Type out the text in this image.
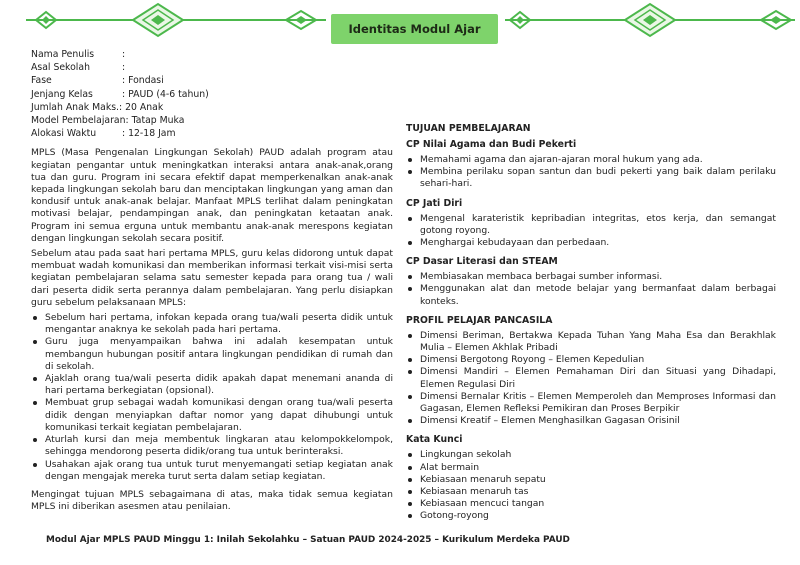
Identitas Modul Ajar
Nama Penulis	:
Asal Sekolah	:
Fase	: Fondasi
Jenjang Kelas	: PAUD (4-6 tahun)
Jumlah Anak Maks. : 20 Anak
Model Pembelajaran : Tatap Muka
Alokasi Waktu	: 12-18 Jam

MPLS (Masa Pengenalan Lingkungan Sekolah) PAUD adalah program atau kegiatan pengantar untuk meningkatkan interaksi antara anak-anak,orang tua dan guru. Program ini secara efektif dapat memperkenalkan anak-anak kepada lingkungan sekolah baru dan menciptakan lingkungan yang aman dan kondusif untuk anak-anak belajar. Manfaat MPLS terlihat dalam peningkatan motivasi belajar, pendampingan anak, dan peningkatan ketaatan anak. Program ini semua erguna untuk membantu anak-anak merespons kegiatan dengan lingkungan sekolah secara positif.

Sebelum atau pada saat hari pertama MPLS, guru kelas didorong untuk dapat membuat wadah komunikasi dan memberikan informasi terkait visi-misi serta kegiatan pembelajaran selama satu semester kepada para orang tua / wali dari peserta didik serta perannya dalam pembelajaran. Yang perlu disiapkan guru sebelum pelaksanaan MPLS:

Sebelum hari pertama, infokan kepada orang tua/wali peserta didik untuk mengantar anaknya ke sekolah pada hari pertama.
Guru juga menyampaikan bahwa ini adalah kesempatan untuk membangun hubungan positif antara lingkungan pendidikan di rumah dan di sekolah.
Ajaklah orang tua/wali peserta didik apakah dapat menemani ananda di hari pertama berkegiatan (opsional).
Membuat grup sebagai wadah komunikasi dengan orang tua/wali peserta didik dengan menyiapkan daftar nomor yang dapat dihubungi untuk komunikasi terkait kegiatan pembelajaran.
Aturlah kursi dan meja membentuk lingkaran atau kelompokkelompok, sehingga mendorong peserta didik/orang tua untuk berinteraksi.
Usahakan ajak orang tua untuk turut menyemangati setiap kegiatan anak dengan mengajak mereka turut serta dalam setiap kegiatan.

Mengingat tujuan MPLS sebagaimana di atas, maka tidak semua kegiatan MPLS ini diberikan asesmen atau penilaian.

TUJUAN PEMBELAJARAN
CP Nilai Agama dan Budi Pekerti
Memahami agama dan ajaran-ajaran moral hukum yang ada.
Membina perilaku sopan santun dan budi pekerti yang baik dalam perilaku sehari-hari.
CP Jati Diri
Mengenal karateristik kepribadian integritas, etos kerja, dan semangat gotong royong.
Menghargai kebudayaan dan perbedaan.
CP Dasar Literasi dan STEAM
Membiasakan membaca berbagai sumber informasi.
Menggunakan alat dan metode belajar yang bermanfaat dalam berbagai konteks.
PROFIL PELAJAR PANCASILA
Dimensi Beriman, Bertakwa Kepada Tuhan Yang Maha Esa dan Berakhlak Mulia – Elemen Akhlak Pribadi
Dimensi Bergotong Royong – Elemen Kepedulian
Dimensi Mandiri – Elemen Pemahaman Diri dan Situasi yang Dihadapi, Elemen Regulasi Diri
Dimensi Bernalar Kritis – Elemen Memperoleh dan Memproses Informasi dan Gagasan, Elemen Refleksi Pemikiran dan Proses Berpikir
Dimensi Kreatif – Elemen Menghasilkan Gagasan Orisinil
Kata Kunci
Lingkungan sekolah
Alat bermain
Kebiasaan menaruh sepatu
Kebiasaan menaruh tas
Kebiasaan mencuci tangan
Gotong-royong
Modul Ajar MPLS PAUD Minggu 1: Inilah Sekolahku – Satuan PAUD 2024-2025 – Kurikulum Merdeka PAUD
